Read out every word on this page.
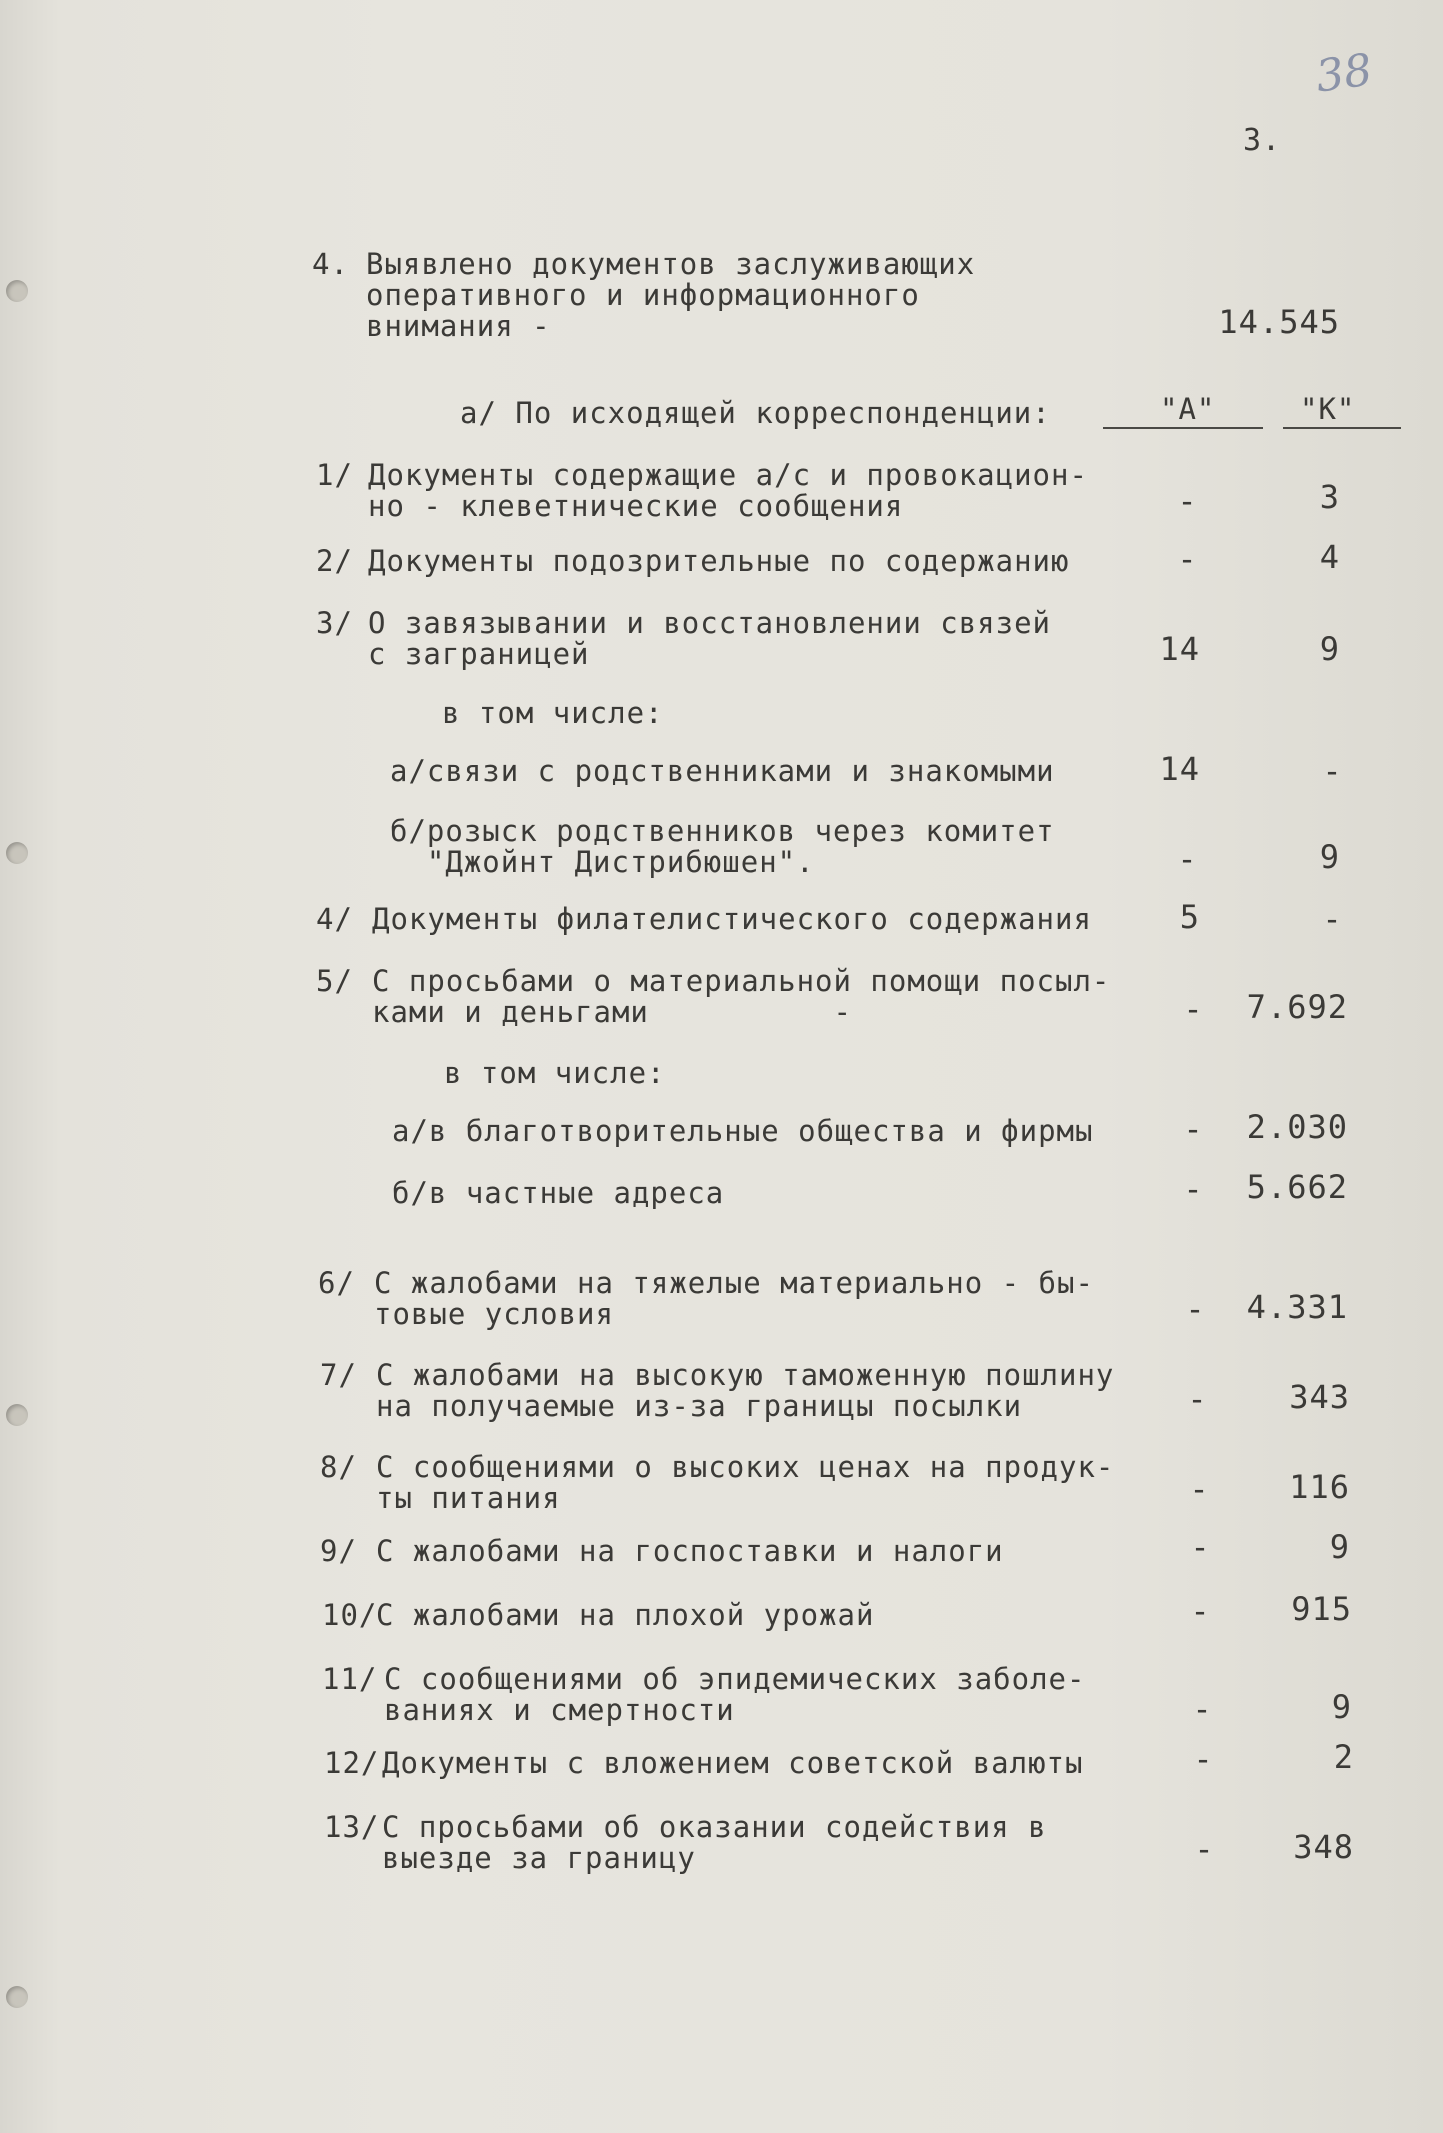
38
3.
4. Выявлено документов заслуживающих
оперативного и информационного
внимания -	14.545
а/ По исходящей корреспонденции:	"А"	"К"
1/ Документы содержащие а/с и провокацион-
но - клеветнические сообщения	-	3
2/ Документы подозрительные по содержанию	-	4
3/ О завязывании и восстановлении связей
с заграницей	14	9
в том числе:
а/связи с родственниками и знакомыми	14	-
б/розыск родственников через комитет
"Джойнт Дистрибюшен".	-	9
4/ Документы филателистического содержания	5	-
5/ С просьбами о материальной помощи посыл-
ками и деньгами          -	-	7.692
в том числе:
а/в благотворительные общества и фирмы	-	2.030
б/в частные адреса	-	5.662
6/ С жалобами на тяжелые материально - бы-
товые условия	-	4.331
7/ С жалобами на высокую таможенную пошлину
на получаемые из-за границы посылки	-	343
8/ С сообщениями о высоких ценах на продук-
ты питания	-	116
9/ С жалобами на госпоставки и налоги	-	9
10/
С жалобами на плохой урожай	-	915
11/ С сообщениями об эпидемических заболе-
ваниях и смертности	-	9
12/ Документы с вложением советской валюты	-	2
13/ С просьбами об оказании содействия в
выезде за границу	-	348
